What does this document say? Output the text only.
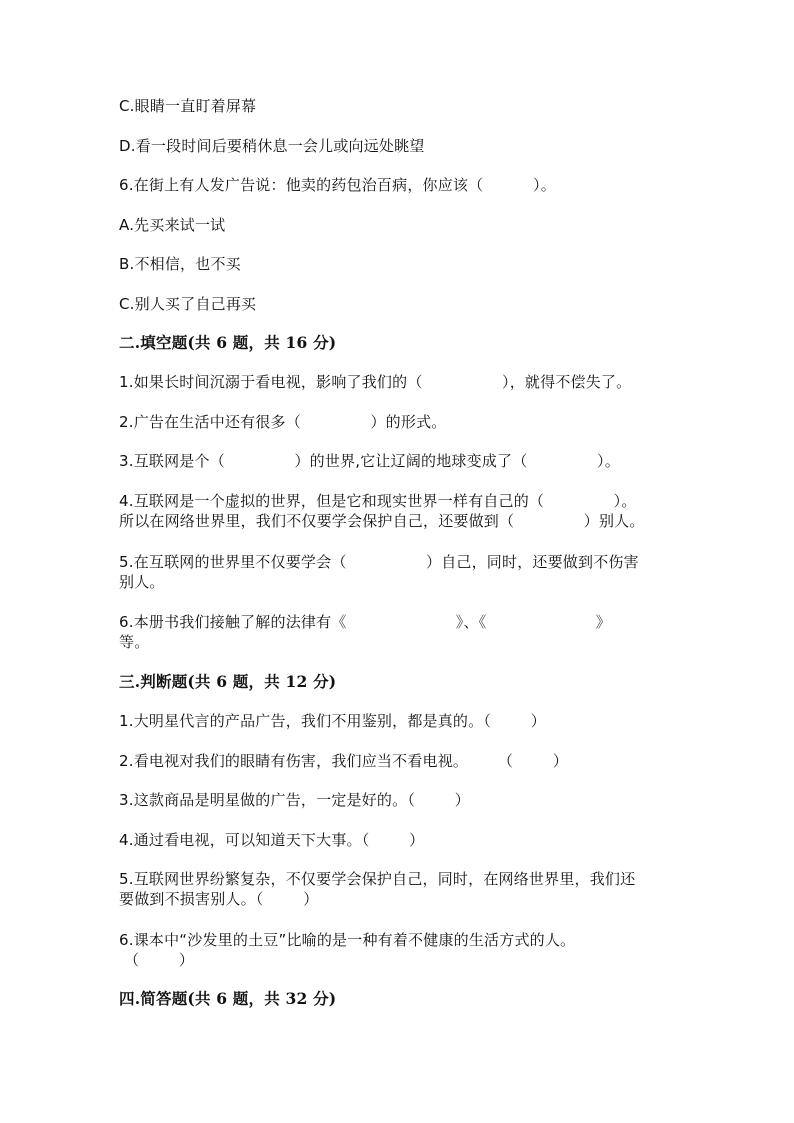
C.眼睛一直盯着屏幕
D.看一段时间后要稍休息一会儿或向远处眺望
6.在街上有人发广告说：他卖的药包治百病，你应该（          ）。
A.先买来试一试
B.不相信，也不买
C.别人买了自己再买
二.填空题(共 6 题，共 16 分)
1.如果长时间沉溺于看电视，影响了我们的（                ），就得不偿失了。
2.广告在生活中还有很多（              ）的形式。
3.互联网是个（              ）的世界,它让辽阔的地球变成了（              ）。
4.互联网是一个虚拟的世界，但是它和现实世界一样有自己的（              ）。
所以在网络世界里，我们不仅要学会保护自己，还要做到（              ）别人。
5.在互联网的世界里不仅要学会（                ）自己，同时，还要做到不伤害
别人。
6.本册书我们接触了解的法律有《                      》、《                      》
等。
三.判断题(共 6 题，共 12 分)
1.大明星代言的产品广告，我们不用鉴别，都是真的。（        ）
2.看电视对我们的眼睛有伤害，我们应当不看电视。      （        ）
3.这款商品是明星做的广告，一定是好的。（        ）
4.通过看电视，可以知道天下大事。（        ）
5.互联网世界纷繁复杂，不仅要学会保护自己，同时，在网络世界里，我们还
要做到不损害别人。（        ）
6.课本中“沙发里的土豆”比喻的是一种有着不健康的生活方式的人。
（        ）
四.简答题(共 6 题，共 32 分)
